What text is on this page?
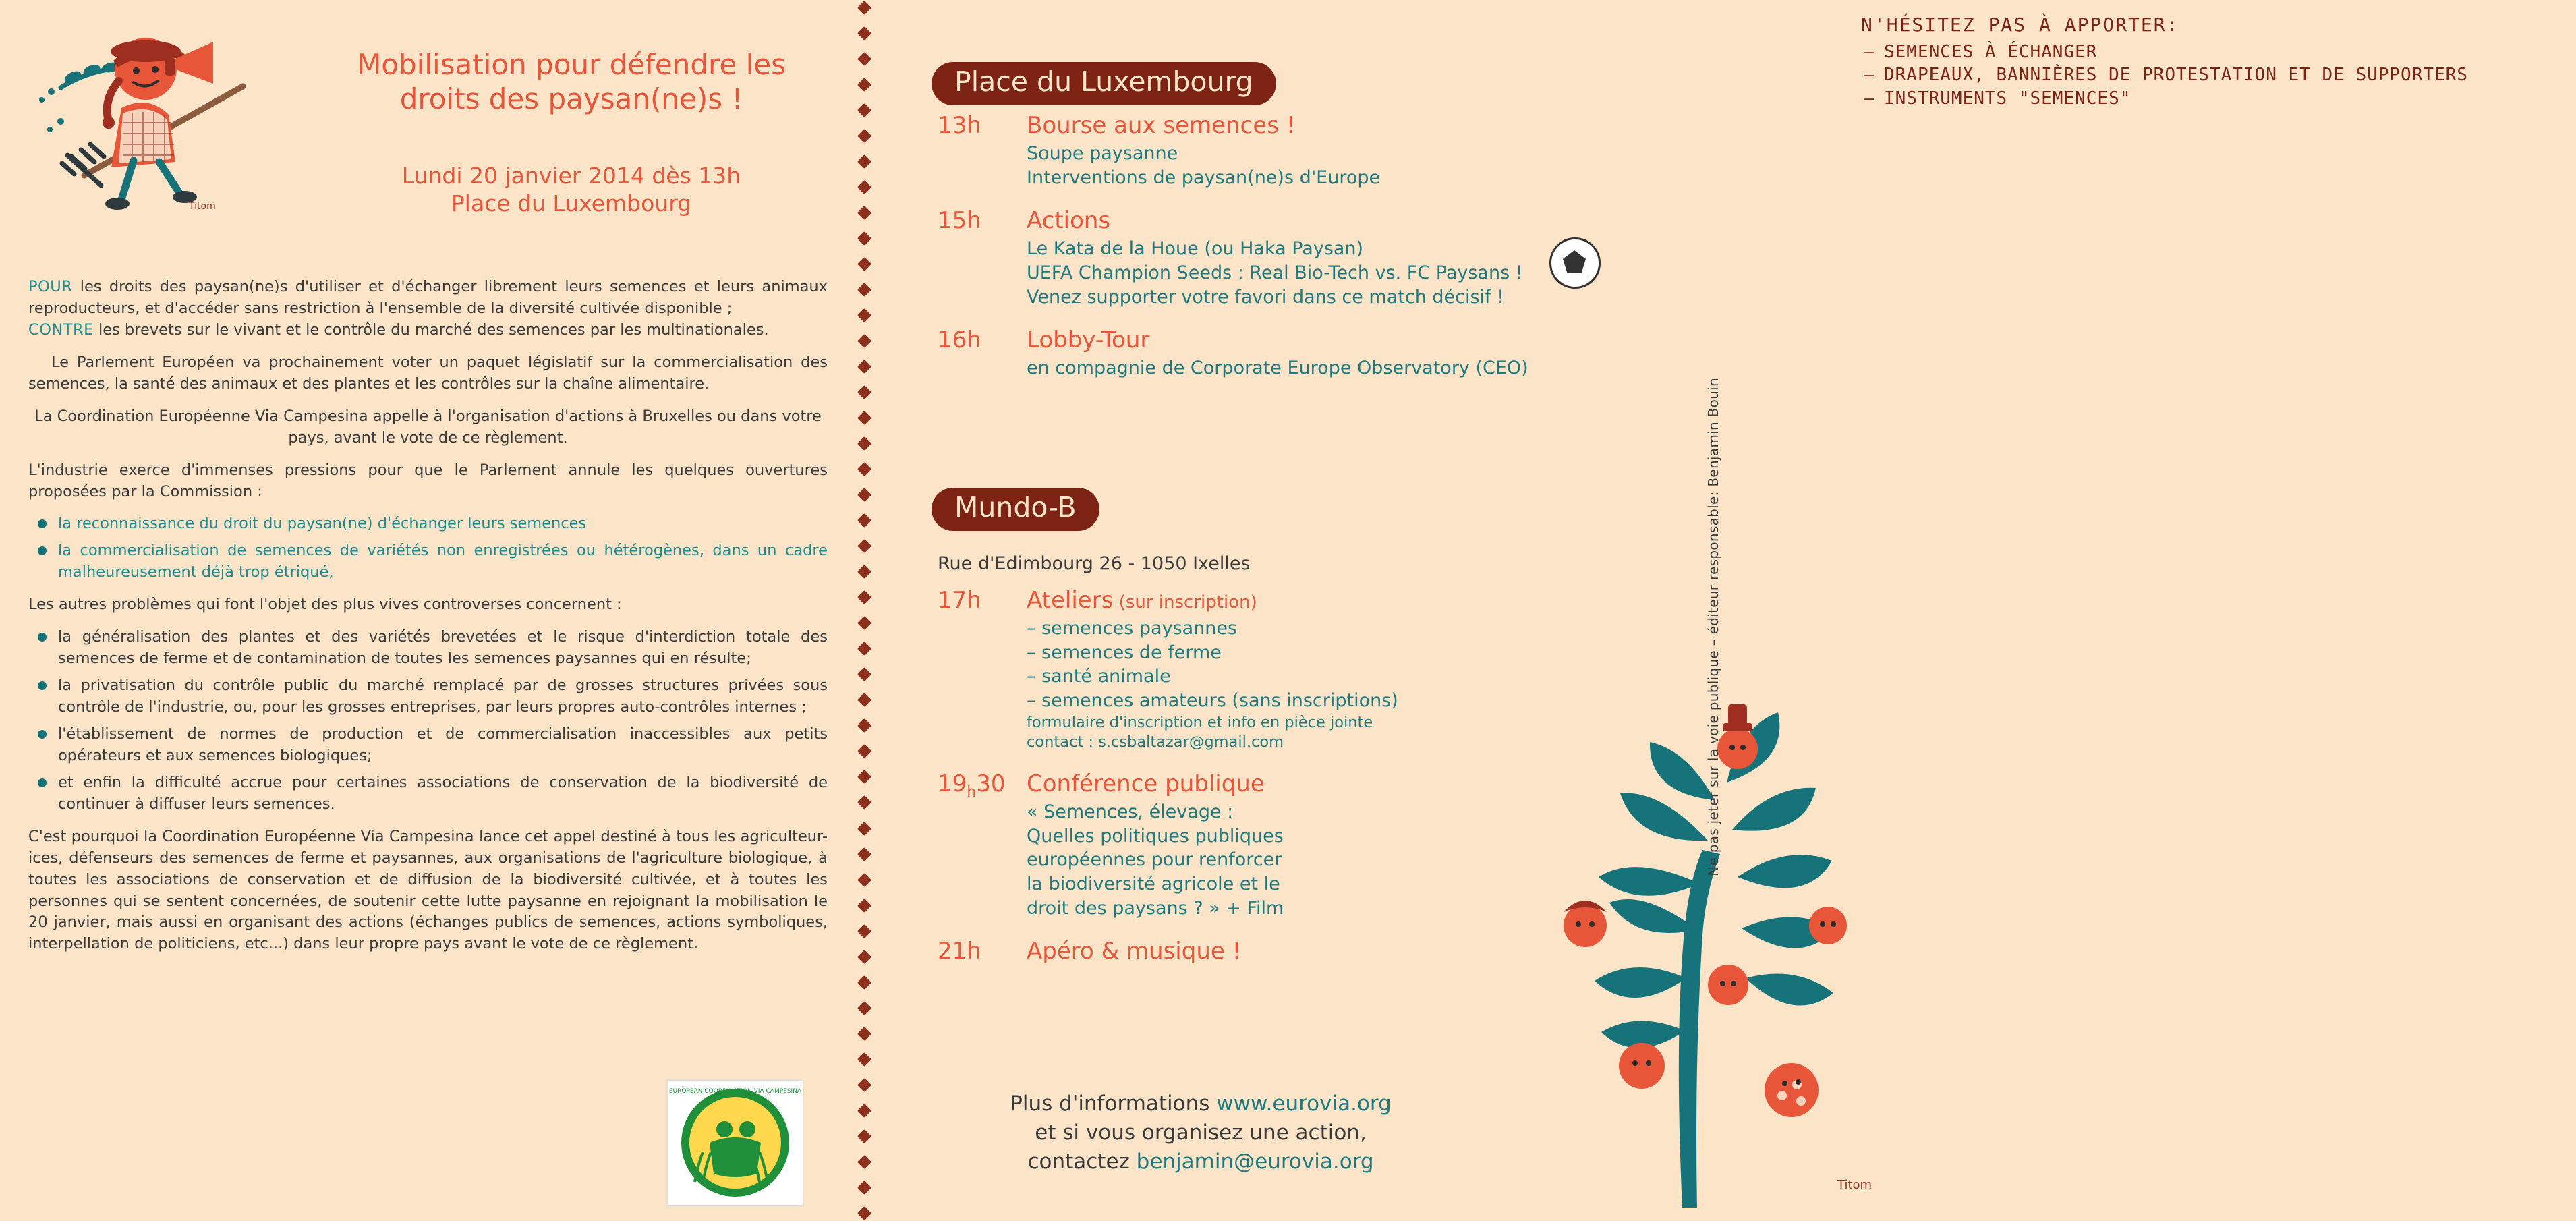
Titom
Mobilisation pour défendre les
droits des paysan(ne)s !
Lundi 20 janvier 2014 dès 13h
Place du Luxembourg

POUR les droits des paysan(ne)s d'utiliser et d'échanger librement leurs semences et leurs animaux reproducteurs, et d'accéder sans restriction à l'ensemble de la diversité cultivée disponible ;
CONTRE les brevets sur le vivant et le contrôle du marché des semences par les multinationales.

Le Parlement Européen va prochainement voter un paquet législatif sur la commercialisation des semences, la santé des animaux et des plantes et les contrôles sur la chaîne alimentaire.

La Coordination Européenne Via Campesina appelle à l'organisation d'actions à Bruxelles ou dans votre pays, avant le vote de ce règlement.

L'industrie exerce d'immenses pressions pour que le Parlement annule les quelques ouvertures proposées par la Commission :

la reconnaissance du droit du paysan(ne) d'échanger leurs semences
la commercialisation de semences de variétés non enregistrées ou hétérogènes, dans un cadre malheureusement déjà trop étriqué,

Les autres problèmes qui font l'objet des plus vives controverses concernent :

la généralisation des plantes et des variétés brevetées et le risque d'interdiction totale des semences de ferme et de contamination de toutes les semences paysannes qui en résulte;
la privatisation du contrôle public du marché remplacé par de grosses structures privées sous contrôle de l'industrie, ou, pour les grosses entreprises, par leurs propres auto-contrôles internes ;
l'établissement de normes de production et de commercialisation inaccessibles aux petits opérateurs et aux semences biologiques;
et enfin la difficulté accrue pour certaines associations de conservation de la biodiversité de continuer à diffuser leurs semences.

C'est pourquoi la Coordination Européenne Via Campesina lance cet appel destiné à tous les agriculteur-ices, défenseurs des semences de ferme et paysannes, aux organisations de l'agriculture biologique, à toutes les associations de conservation et de diffusion de la biodiversité cultivée, et à toutes les personnes qui se sentent concernées, de soutenir cette lutte paysanne en rejoignant la mobilisation le 20 janvier, mais aussi en organisant des actions (échanges publics de semences, actions symboliques, interpellation de politiciens, etc...) dans leur propre pays avant le vote de ce règlement.

EUROPEAN COORDINATION VIA CAMPESINA
N'HÉSITEZ PAS À APPORTER:
– SEMENCES À ÉCHANGER
– DRAPEAUX, BANNIÈRES DE PROTESTATION ET DE SUPPORTERS
– INSTRUMENTS "SEMENCES"
Place du Luxembourg
13h	Bourse aux semences !
Soupe paysanne
Interventions de paysan(ne)s d'Europe
15h	Actions
Le Kata de la Houe (ou Haka Paysan)
UEFA Champion Seeds : Real Bio-Tech vs. FC Paysans !
Venez supporter votre favori dans ce match décisif !
16h	Lobby-Tour
en compagnie de Corporate Europe Observatory (CEO)
Mundo-B
Rue d'Edimbourg 26 - 1050 Ixelles
17h	Ateliers (sur inscription)
– semences paysannes
– semences de ferme
– santé animale
– semences amateurs (sans inscriptions)
formulaire d'inscription et info en pièce jointe
contact : s.csbaltazar@gmail.com
$19_h30$ Conférence publique
« Semences, élevage :
Quelles politiques publiques
européennes pour renforcer
la biodiversité agricole et le
droit des paysans ? » + Film
21h	Apéro & musique !
Titom
Plus d'informations www.eurovia.org
et si vous organisez une action,
contactez benjamin@eurovia.org
Ne pas jeter sur la voie publique – éditeur responsable: Benjamin Bouin
